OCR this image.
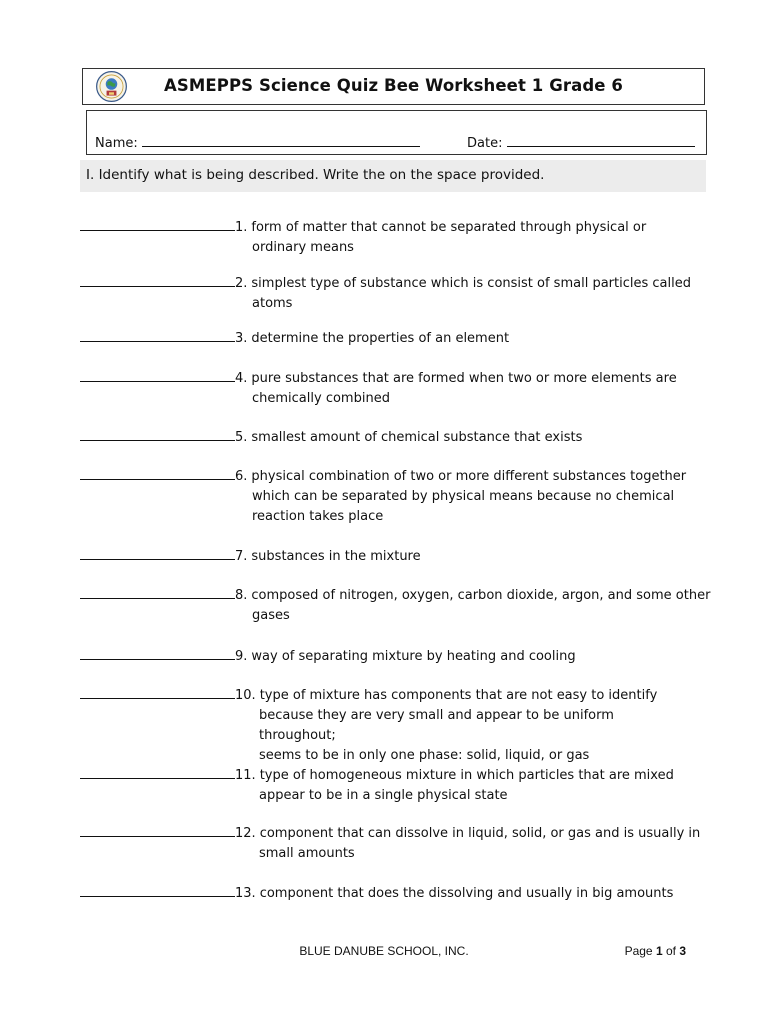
ASMEPPS Science Quiz Bee Worksheet 1 Grade 6
Name:	Date:
I. Identify what is being described. Write the on the space provided.
1. form of matter that cannot be separated through physical or
ordinary means
2. simplest type of substance which is consist of small particles called
atoms
3. determine the properties of an element
4. pure substances that are formed when two or more elements are
chemically combined
5. smallest amount of chemical substance that exists
6. physical combination of two or more different substances together
which can be separated by physical means because no chemical
reaction takes place
7. substances in the mixture
8. composed of nitrogen, oxygen, carbon dioxide, argon, and some other
gases
9. way of separating mixture by heating and cooling
10. type of mixture has components that are not easy to identify
because they are very small and appear to be uniform throughout;
seems to be in only one phase: solid, liquid, or gas
11. type of homogeneous mixture in which particles that are mixed
appear to be in a single physical state
12. component that can dissolve in liquid, solid, or gas and is usually in
small amounts
13. component that does the dissolving and usually in big amounts
BLUE DANUBE SCHOOL, INC.	Page 1 of 3
